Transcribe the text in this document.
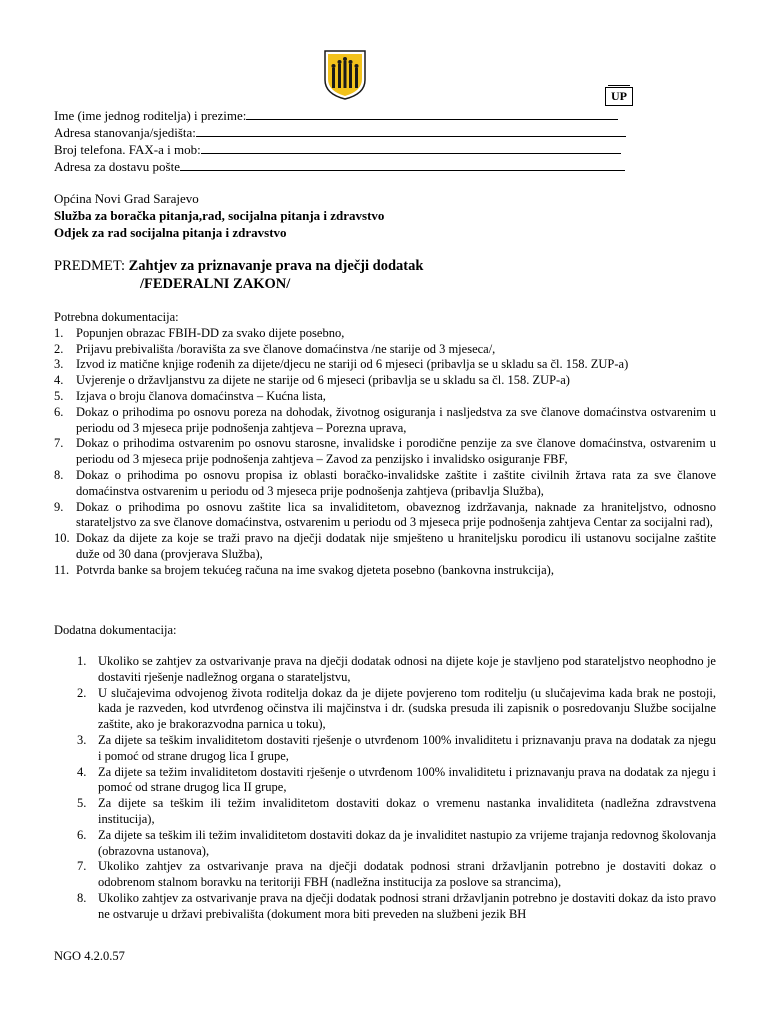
UP
Ime (ime jednog roditelja) i prezime:
Adresa stanovanja/sjedišta:
Broj telefona. FAX-a i mob:
Adresa za dostavu pošte
Općina Novi Grad Sarajevo
Služba za boračka pitanja,rad, socijalna pitanja i zdravstvo
Odjek za rad socijalna pitanja i zdravstvo
PREDMET: Zahtjev za priznavanje prava na dječji dodatak
/FEDERALNI ZAKON/
Potrebna dokumentacija:
1.	Popunjen obrazac FBIH-DD za svako dijete posebno,
2.	Prijavu prebivališta /boravišta za sve članove domaćinstva /ne starije od 3 mjeseca/,
3.	Izvod iz matične knjige rođenih za dijete/djecu ne stariji od 6 mjeseci (pribavlja se u skladu sa čl. 158. ZUP-a)
4.	Uvjerenje o državljanstvu za dijete ne starije od 6 mjeseci (pribavlja se u skladu sa čl. 158. ZUP-a)
5.	Izjava o broju članova domaćinstva – Kućna lista,
6.	Dokaz o prihodima po osnovu poreza na dohodak, životnog osiguranja i nasljedstva za sve članove domaćinstva ostvarenim u periodu od 3 mjeseca prije podnošenja zahtjeva – Porezna uprava,
7.	Dokaz o prihodima ostvarenim po osnovu starosne, invalidske i porodične penzije za sve članove domaćinstva, ostvarenim u periodu od 3 mjeseca prije podnošenja zahtjeva – Zavod za penzijsko i invalidsko osiguranje FBF,
8.	Dokaz o prihodima po osnovu propisa iz oblasti boračko-invalidske zaštite i zaštite civilnih žrtava rata za sve članove domaćinstva ostvarenim u periodu od 3 mjeseca prije podnošenja zahtjeva (pribavlja Služba),
9.	Dokaz o prihodima po osnovu zaštite lica sa invaliditetom, obaveznog izdržavanja, naknade za hraniteljstvo, odnosno starateljstvo za sve članove domaćinstva, ostvarenim u periodu od 3 mjeseca prije podnošenja zahtjeva Centar za socijalni rad),
10. Dokaz da dijete za koje se traži pravo na dječji dodatak nije smješteno u hraniteljsku porodicu ili ustanovu socijalne zaštite duže od 30 dana (provjerava Služba),
11. Potvrda banke sa brojem tekućeg računa na ime svakog djeteta posebno (bankovna instrukcija),
Dodatna dokumentacija:
1. Ukoliko se zahtjev za ostvarivanje prava na dječji dodatak odnosi na dijete koje je stavljeno pod starateljstvo neophodno je dostaviti rješenje nadležnog organa o starateljstvu,
2. U slučajevima odvojenog života roditelja dokaz da je dijete povjereno tom roditelju (u slučajevima kada brak ne postoji, kada je razveden, kod utvrđenog očinstva ili majčinstva i dr. (sudska presuda ili zapisnik o posredovanju Službe socijalne zaštite, ako je brakorazvodna parnica u toku),
3. Za dijete sa teškim invaliditetom dostaviti rješenje o utvrđenom 100% invaliditetu i priznavanju prava na dodatak za njegu i pomoć od strane drugog lica I grupe,
4. Za dijete sa težim invaliditetom dostaviti rješenje o utvrđenom 100% invaliditetu i priznavanju prava na dodatak za njegu i pomoć od strane drugog lica II grupe,
5. Za dijete sa teškim ili težim invaliditetom dostaviti dokaz o vremenu nastanka invaliditeta (nadležna zdravstvena institucija),
6. Za dijete sa teškim ili težim invaliditetom dostaviti dokaz da je invaliditet nastupio za vrijeme trajanja redovnog školovanja (obrazovna ustanova),
7. Ukoliko zahtjev za ostvarivanje prava na dječji dodatak podnosi strani državljanin potrebno je dostaviti dokaz o odobrenom stalnom boravku na teritoriji FBH (nadležna institucija za poslove sa strancima),
8. Ukoliko zahtjev za ostvarivanje prava na dječji dodatak podnosi strani državljanin potrebno je dostaviti dokaz da isto pravo ne ostvaruje u državi prebivališta (dokument mora biti preveden na službeni jezik BH
NGO 4.2.0.57
